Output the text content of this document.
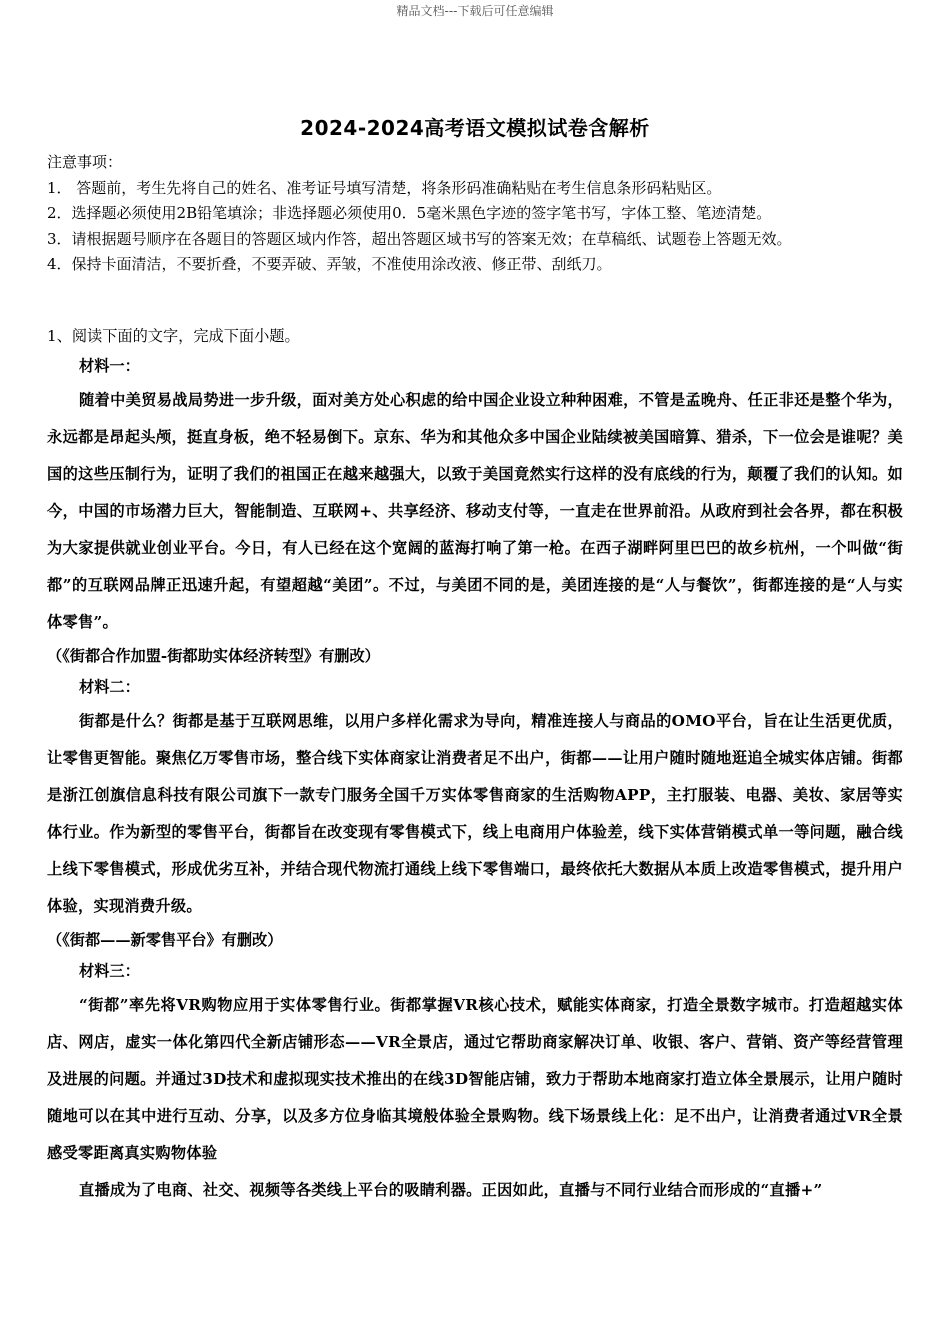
精品文档---下载后可任意编辑
2024-2024高考语文模拟试卷含解析
注意事项：
1． 答题前，考生先将自己的姓名、准考证号填写清楚，将条形码准确粘贴在考生信息条形码粘贴区。
2．选择题必须使用2B铅笔填涂；非选择题必须使用0．5毫米黑色字迹的签字笔书写，字体工整、笔迹清楚。
3．请根据题号顺序在各题目的答题区域内作答，超出答题区域书写的答案无效；在草稿纸、试题卷上答题无效。
4．保持卡面清洁，不要折叠，不要弄破、弄皱，不准使用涂改液、修正带、刮纸刀。
1、阅读下面的文字，完成下面小题。
材料一：

随着中美贸易战局势进一步升级，面对美方处心积虑的给中国企业设立种种困难，不管是孟晚舟、任正非还是整个华为，永远都是昂起头颅，挺直身板，绝不轻易倒下。京东、华为和其他众多中国企业陆续被美国暗算、猎杀，下一位会是谁呢？美国的这些压制行为，证明了我们的祖国正在越来越强大，以致于美国竟然实行这样的没有底线的行为，颠覆了我们的认知。如今，中国的市场潜力巨大，智能制造、互联网+、共享经济、移动支付等，一直走在世界前沿。从政府到社会各界，都在积极为大家提供就业创业平台。今日，有人已经在这个宽阔的蓝海打响了第一枪。在西子湖畔阿里巴巴的故乡杭州，一个叫做“街都”的互联网品牌正迅速升起，有望超越“美团”。不过，与美团不同的是，美团连接的是“人与餐饮”，街都连接的是“人与实体零售”。

（《街都合作加盟-街都助实体经济转型》有删改）

材料二：

街都是什么？街都是基于互联网思维，以用户多样化需求为导向，精准连接人与商品的OMO平台，旨在让生活更优质，让零售更智能。聚焦亿万零售市场，整合线下实体商家让消费者足不出户，街都——让用户随时随地逛追全城实体店铺。街都是浙江创旗信息科技有限公司旗下一款专门服务全国千万实体零售商家的生活购物APP，主打服装、电器、美妆、家居等实体行业。作为新型的零售平台，街都旨在改变现有零售模式下，线上电商用户体验差，线下实体营销模式单一等问题，融合线上线下零售模式，形成优劣互补，并结合现代物流打通线上线下零售端口，最终依托大数据从本质上改造零售模式，提升用户体验，实现消费升级。

（《街都——新零售平台》有删改）

材料三：

“街都”率先将VR购物应用于实体零售行业。街都掌握VR核心技术，赋能实体商家，打造全景数字城市。打造超越实体店、网店，虚实一体化第四代全新店铺形态——VR全景店，通过它帮助商家解决订单、收银、客户、营销、资产等经营管理及进展的问题。并通过3D技术和虚拟现实技术推出的在线3D智能店铺，致力于帮助本地商家打造立体全景展示，让用户随时随地可以在其中进行互动、分享，以及多方位身临其境般体验全景购物。线下场景线上化：足不出户，让消费者通过VR全景感受零距离真实购物体验

直播成为了电商、社交、视频等各类线上平台的吸睛利器。正因如此，直播与不同行业结合而形成的“直播+”
